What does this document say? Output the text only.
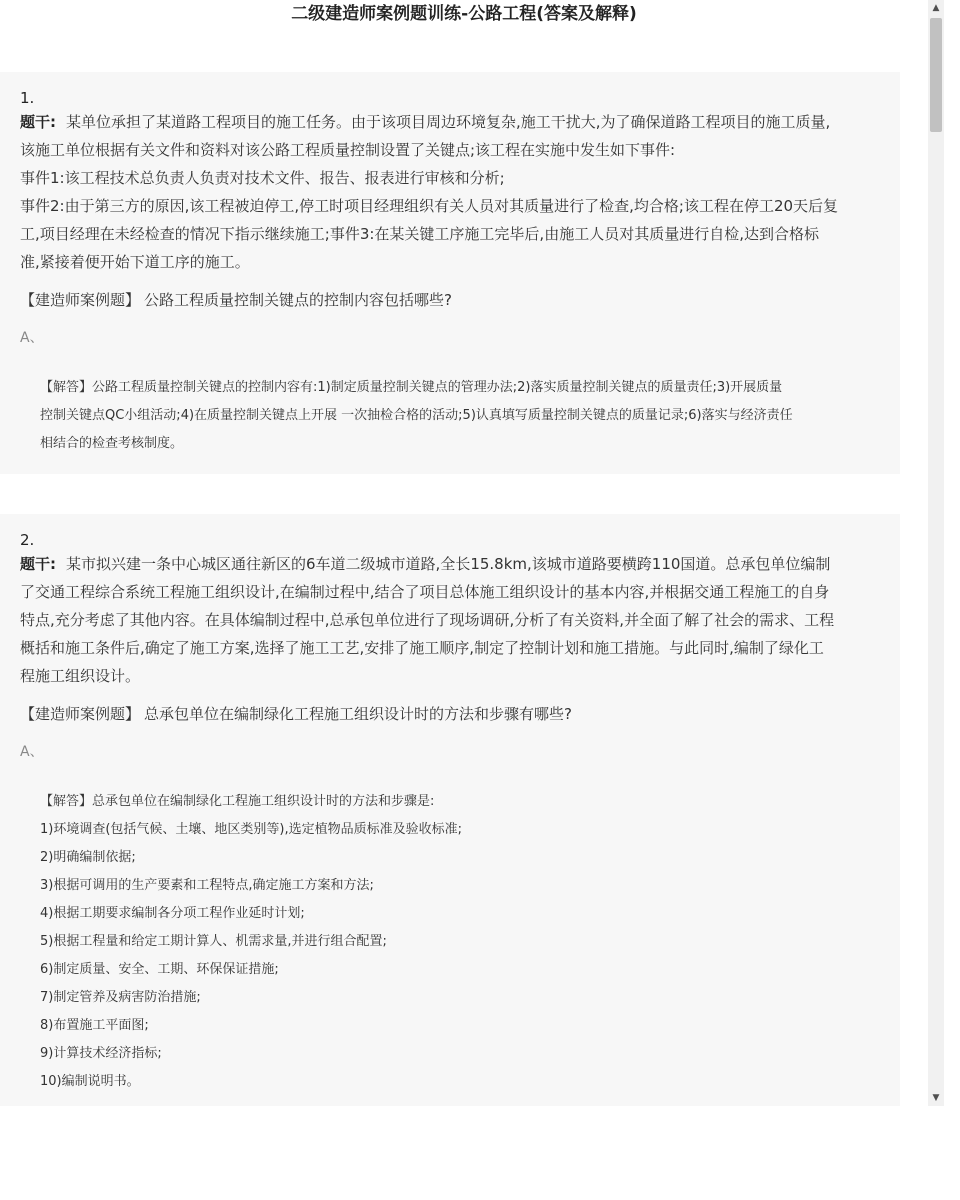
二级建造师案例题训练-公路工程(答案及解释)
1.
题干: 某单位承担了某道路工程项目的施工任务。由于该项目周边环境复杂,施工干扰大,为了确保道路工程项目的施工质量,
该施工单位根据有关文件和资料对该公路工程质量控制设置了关键点;该工程在实施中发生如下事件:
事件1:该工程技术总负责人负责对技术文件、报告、报表进行审核和分析;
事件2:由于第三方的原因,该工程被迫停工,停工时项目经理组织有关人员对其质量进行了检查,均合格;该工程在停工20天后复
工,项目经理在未经检查的情况下指示继续施工;事件3:在某关键工序施工完毕后,由施工人员对其质量进行自检,达到合格标
准,紧接着便开始下道工序的施工。
【建造师案例题】 公路工程质量控制关键点的控制内容包括哪些?
A、

【解答】公路工程质量控制关键点的控制内容有:1)制定质量控制关键点的管理办法;2)落实质量控制关键点的质量责任;3)开展质量

控制关键点QC小组活动;4)在质量控制关键点上开展 一次抽检合格的活动;5)认真填写质量控制关键点的质量记录;6)落实与经济责任

相结合的检查考核制度。

2.
题干: 某市拟兴建一条中心城区通往新区的6车道二级城市道路,全长15.8km,该城市道路要横跨110国道。总承包单位编制
了交通工程综合系统工程施工组织设计,在编制过程中,结合了项目总体施工组织设计的基本内容,并根据交通工程施工的自身
特点,充分考虑了其他内容。在具体编制过程中,总承包单位进行了现场调研,分析了有关资料,并全面了解了社会的需求、工程
概括和施工条件后,确定了施工方案,选择了施工工艺,安排了施工顺序,制定了控制计划和施工措施。与此同时,编制了绿化工
程施工组织设计。
【建造师案例题】 总承包单位在编制绿化工程施工组织设计时的方法和步骤有哪些?
A、

【解答】总承包单位在编制绿化工程施工组织设计时的方法和步骤是:

1)环境调查(包括气候、土壤、地区类别等),选定植物品质标准及验收标准;

2)明确编制依据;

3)根据可调用的生产要素和工程特点,确定施工方案和方法;

4)根据工期要求编制各分项工程作业延时计划;

5)根据工程量和给定工期计算人、机需求量,并进行组合配置;

6)制定质量、安全、工期、环保保证措施;

7)制定管养及病害防治措施;

8)布置施工平面图;

9)计算技术经济指标;

10)编制说明书。

▲
▼
